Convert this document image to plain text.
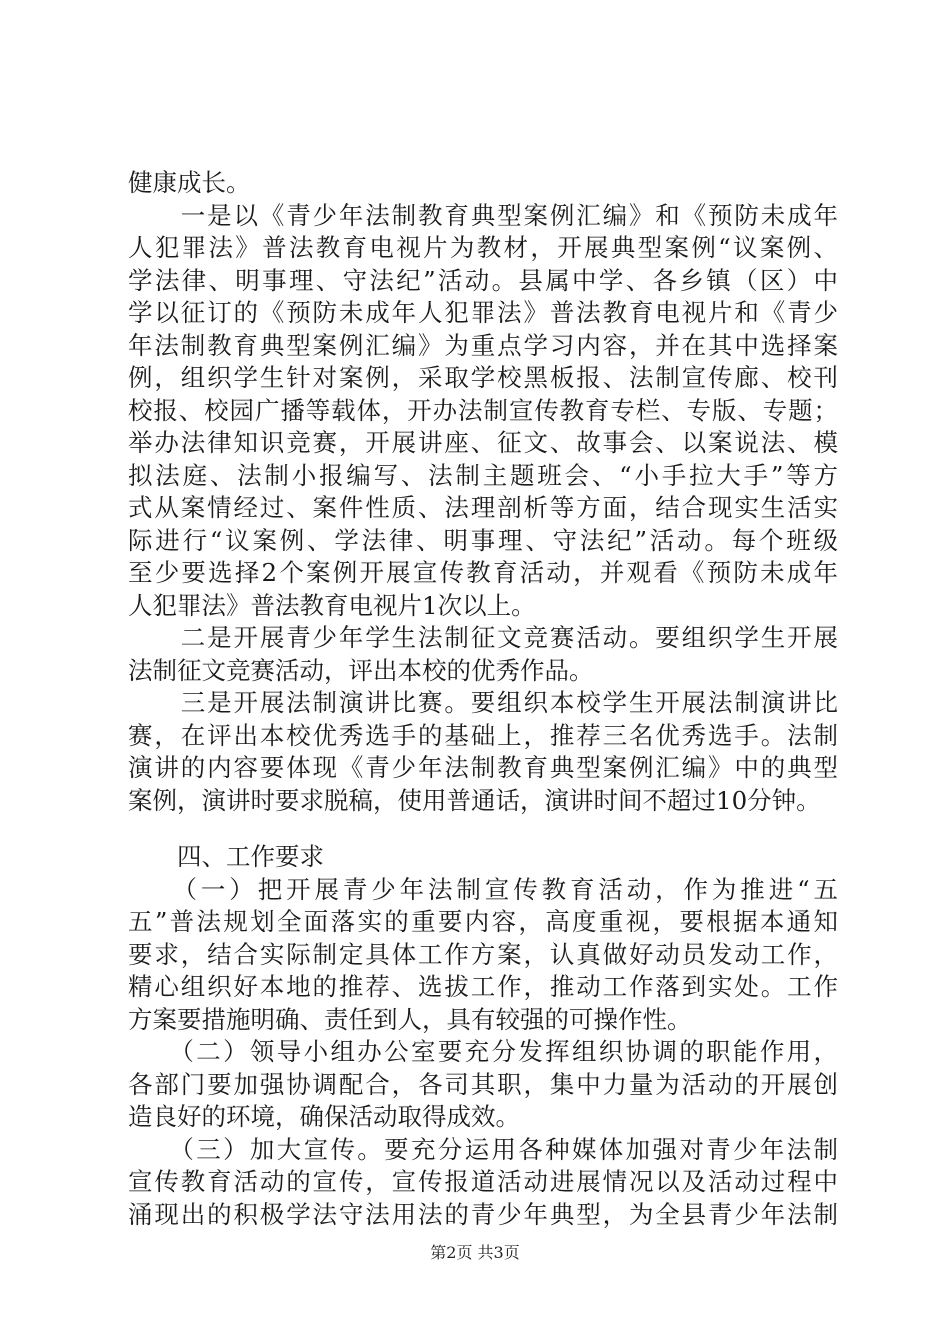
健康成长。
　　一是以《青少年法制教育典型案例汇编》和《预防未成年
人犯罪法》普法教育电视片为教材，开展典型案例“议案例、
学法律、明事理、守法纪”活动。县属中学、各乡镇（区）中
学以征订的《预防未成年人犯罪法》普法教育电视片和《青少
年法制教育典型案例汇编》为重点学习内容，并在其中选择案
例，组织学生针对案例，采取学校黑板报、法制宣传廊、校刊
校报、校园广播等载体，开办法制宣传教育专栏、专版、专题；
举办法律知识竞赛，开展讲座、征文、故事会、以案说法、模
拟法庭、法制小报编写、法制主题班会、“小手拉大手”等方
式从案情经过、案件性质、法理剖析等方面，结合现实生活实
际进行“议案例、学法律、明事理、守法纪”活动。每个班级
至少要选择2个案例开展宣传教育活动，并观看《预防未成年
人犯罪法》普法教育电视片1次以上。
　　二是开展青少年学生法制征文竞赛活动。要组织学生开展
法制征文竞赛活动，评出本校的优秀作品。
　　三是开展法制演讲比赛。要组织本校学生开展法制演讲比
赛，在评出本校优秀选手的基础上，推荐三名优秀选手。法制
演讲的内容要体现《青少年法制教育典型案例汇编》中的典型
案例，演讲时要求脱稿，使用普通话，演讲时间不超过10分钟。
　　四、工作要求
　　（一）把开展青少年法制宣传教育活动，作为推进“五
五”普法规划全面落实的重要内容，高度重视，要根据本通知
要求，结合实际制定具体工作方案，认真做好动员发动工作，
精心组织好本地的推荐、选拔工作，推动工作落到实处。工作
方案要措施明确、责任到人，具有较强的可操作性。
　　（二）领导小组办公室要充分发挥组织协调的职能作用，
各部门要加强协调配合，各司其职，集中力量为活动的开展创
造良好的环境，确保活动取得成效。
　　（三）加大宣传。要充分运用各种媒体加强对青少年法制
宣传教育活动的宣传，宣传报道活动进展情况以及活动过程中
涌现出的积极学法守法用法的青少年典型，为全县青少年法制
第2页 共3页
